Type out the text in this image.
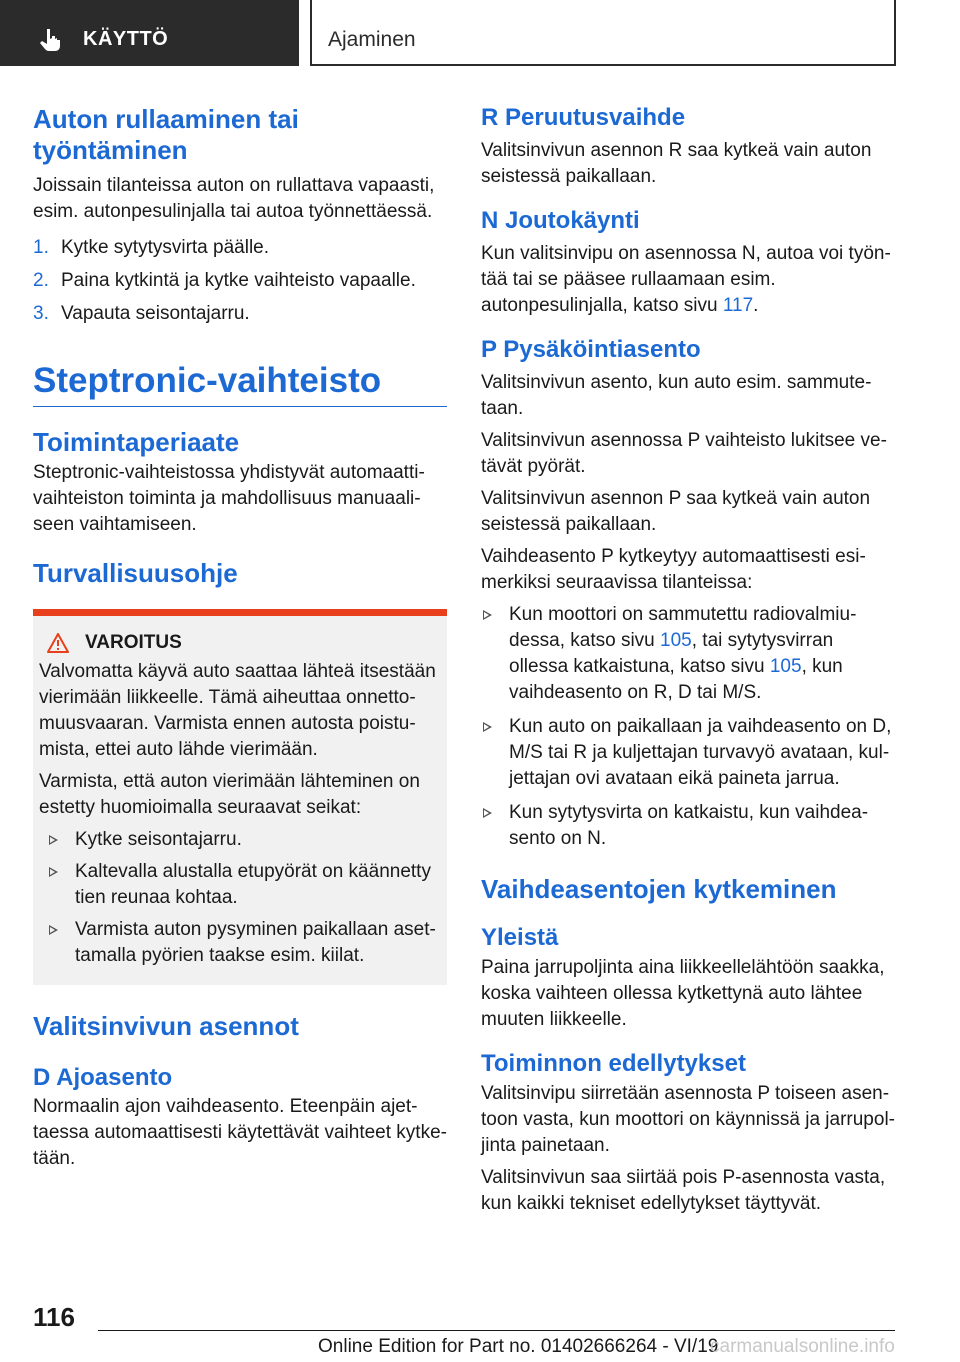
KÄYTTÖ	Ajaminen
Auton rullaaminen tai työntäminen

Joissain tilanteissa auton on rullattava vapaasti, esim. autonpesulinjalla tai autoa työnnettäessä.

1. Kytke sytytysvirta päälle.
2. Paina kytkintä ja kytke vaihteisto vapaalle.
3. Vapauta seisontajarru.
Steptronic-vaihteisto
Toimintaperiaate

Steptronic-vaihteistossa yhdistyvät automaattivaihteiston toiminta ja mahdollisuus manuaaliseen vaihtamiseen.

Turvallisuusohje
VAROITUS

Valvomatta käyvä auto saattaa lähteä itsestään vierimään liikkeelle. Tämä aiheuttaa onnettomuusvaaran. Varmista ennen autosta poistumista, ettei auto lähde vierimään.

Varmista, että auton vierimään lähteminen on estetty huomioimalla seuraavat seikat:

Kytke seisontajarru.
Kaltevalla alustalla etupyörät on käännetty tien reunaa kohtaa.
Varmista auton pysyminen paikallaan asettamalla pyörien taakse esim. kiilat.
Valitsinvivun asennot
D Ajoasento

Normaalin ajon vaihdeasento. Eteenpäin ajettaessa automaattisesti käytettävät vaihteet kytketään.

R Peruutusvaihde

Valitsinvivun asennon R saa kytkeä vain auton seistessä paikallaan.

N Joutokäynti

Kun valitsinvipu on asennossa N, autoa voi työntää tai se pääsee rullaamaan esim. autonpesulinjalla, katso sivu 117.

P Pysäköintiasento

Valitsinvivun asento, kun auto esim. sammutetaan.

Valitsinvivun asennossa P vaihteisto lukitsee vetävät pyörät.

Valitsinvivun asennon P saa kytkeä vain auton seistessä paikallaan.

Vaihdeasento P kytkeytyy automaattisesti esimerkiksi seuraavissa tilanteissa:

Kun moottori on sammutettu radiovalmiudessa, katso sivu 105, tai sytytysvirran ollessa katkaistuna, katso sivu 105, kun vaihdeasento on R, D tai M/S.
Kun auto on paikallaan ja vaihdeasento on D, M/S tai R ja kuljettajan turvavyö avataan, kuljettajan ovi avataan eikä paineta jarrua.
Kun sytytysvirta on katkaistu, kun vaihdeasento on N.
Vaihdeasentojen kytkeminen
Yleistä

Paina jarrupoljinta aina liikkeellelähtöön saakka, koska vaihteen ollessa kytkettynä auto lähtee muuten liikkeelle.

Toiminnon edellytykset

Valitsinvipu siirretään asennosta P toiseen asentoon vasta, kun moottori on käynnissä ja jarrupoljinta painetaan.

Valitsinvivun saa siirtää pois P-asennosta vasta, kun kaikki tekniset edellytykset täyttyvät.

116
Online Edition for Part no. 01402666264 - VI/19
carmanualsonline.info
